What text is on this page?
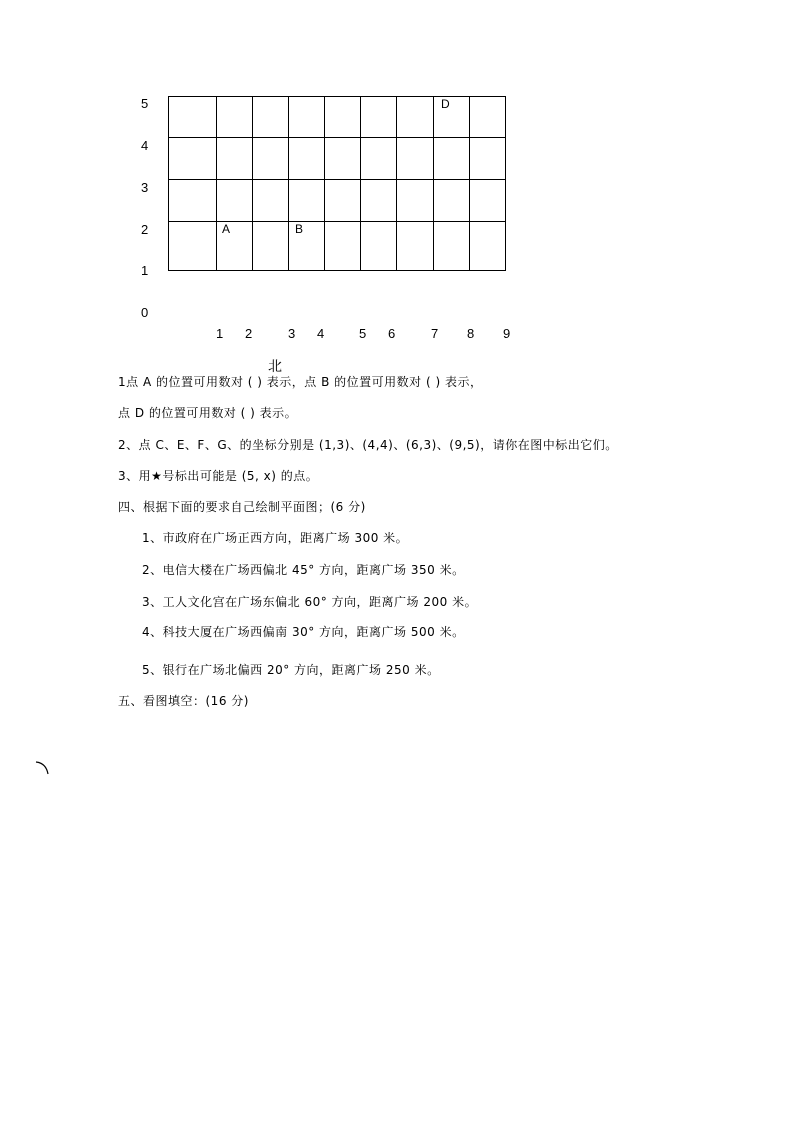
5
4
3
2
1
0
D
A	B
1 2	3 4	5 6	7 8 9
北
1点 A 的位置可用数对 ( ) 表示，点 B 的位置可用数对 ( ) 表示，
点 D 的位置可用数对 ( ) 表示。
2、点 C、E、F、G、的坐标分别是 (1,3)、(4,4)、(6,3)、(9,5)，请你在图中标出它们。
3、用★号标出可能是 (5, x) 的点。
四、根据下面的要求自己绘制平面图；(6 分)
1、市政府在广场正西方向，距离广场 300 米。
2、电信大楼在广场西偏北 45° 方向，距离广场 350 米。
3、工人文化宫在广场东偏北 60° 方向，距离广场 200 米。
4、科技大厦在广场西偏南 30° 方向，距离广场 500 米。
5、银行在广场北偏西 20° 方向，距离广场 250 米。
五、看图填空：(16 分)
